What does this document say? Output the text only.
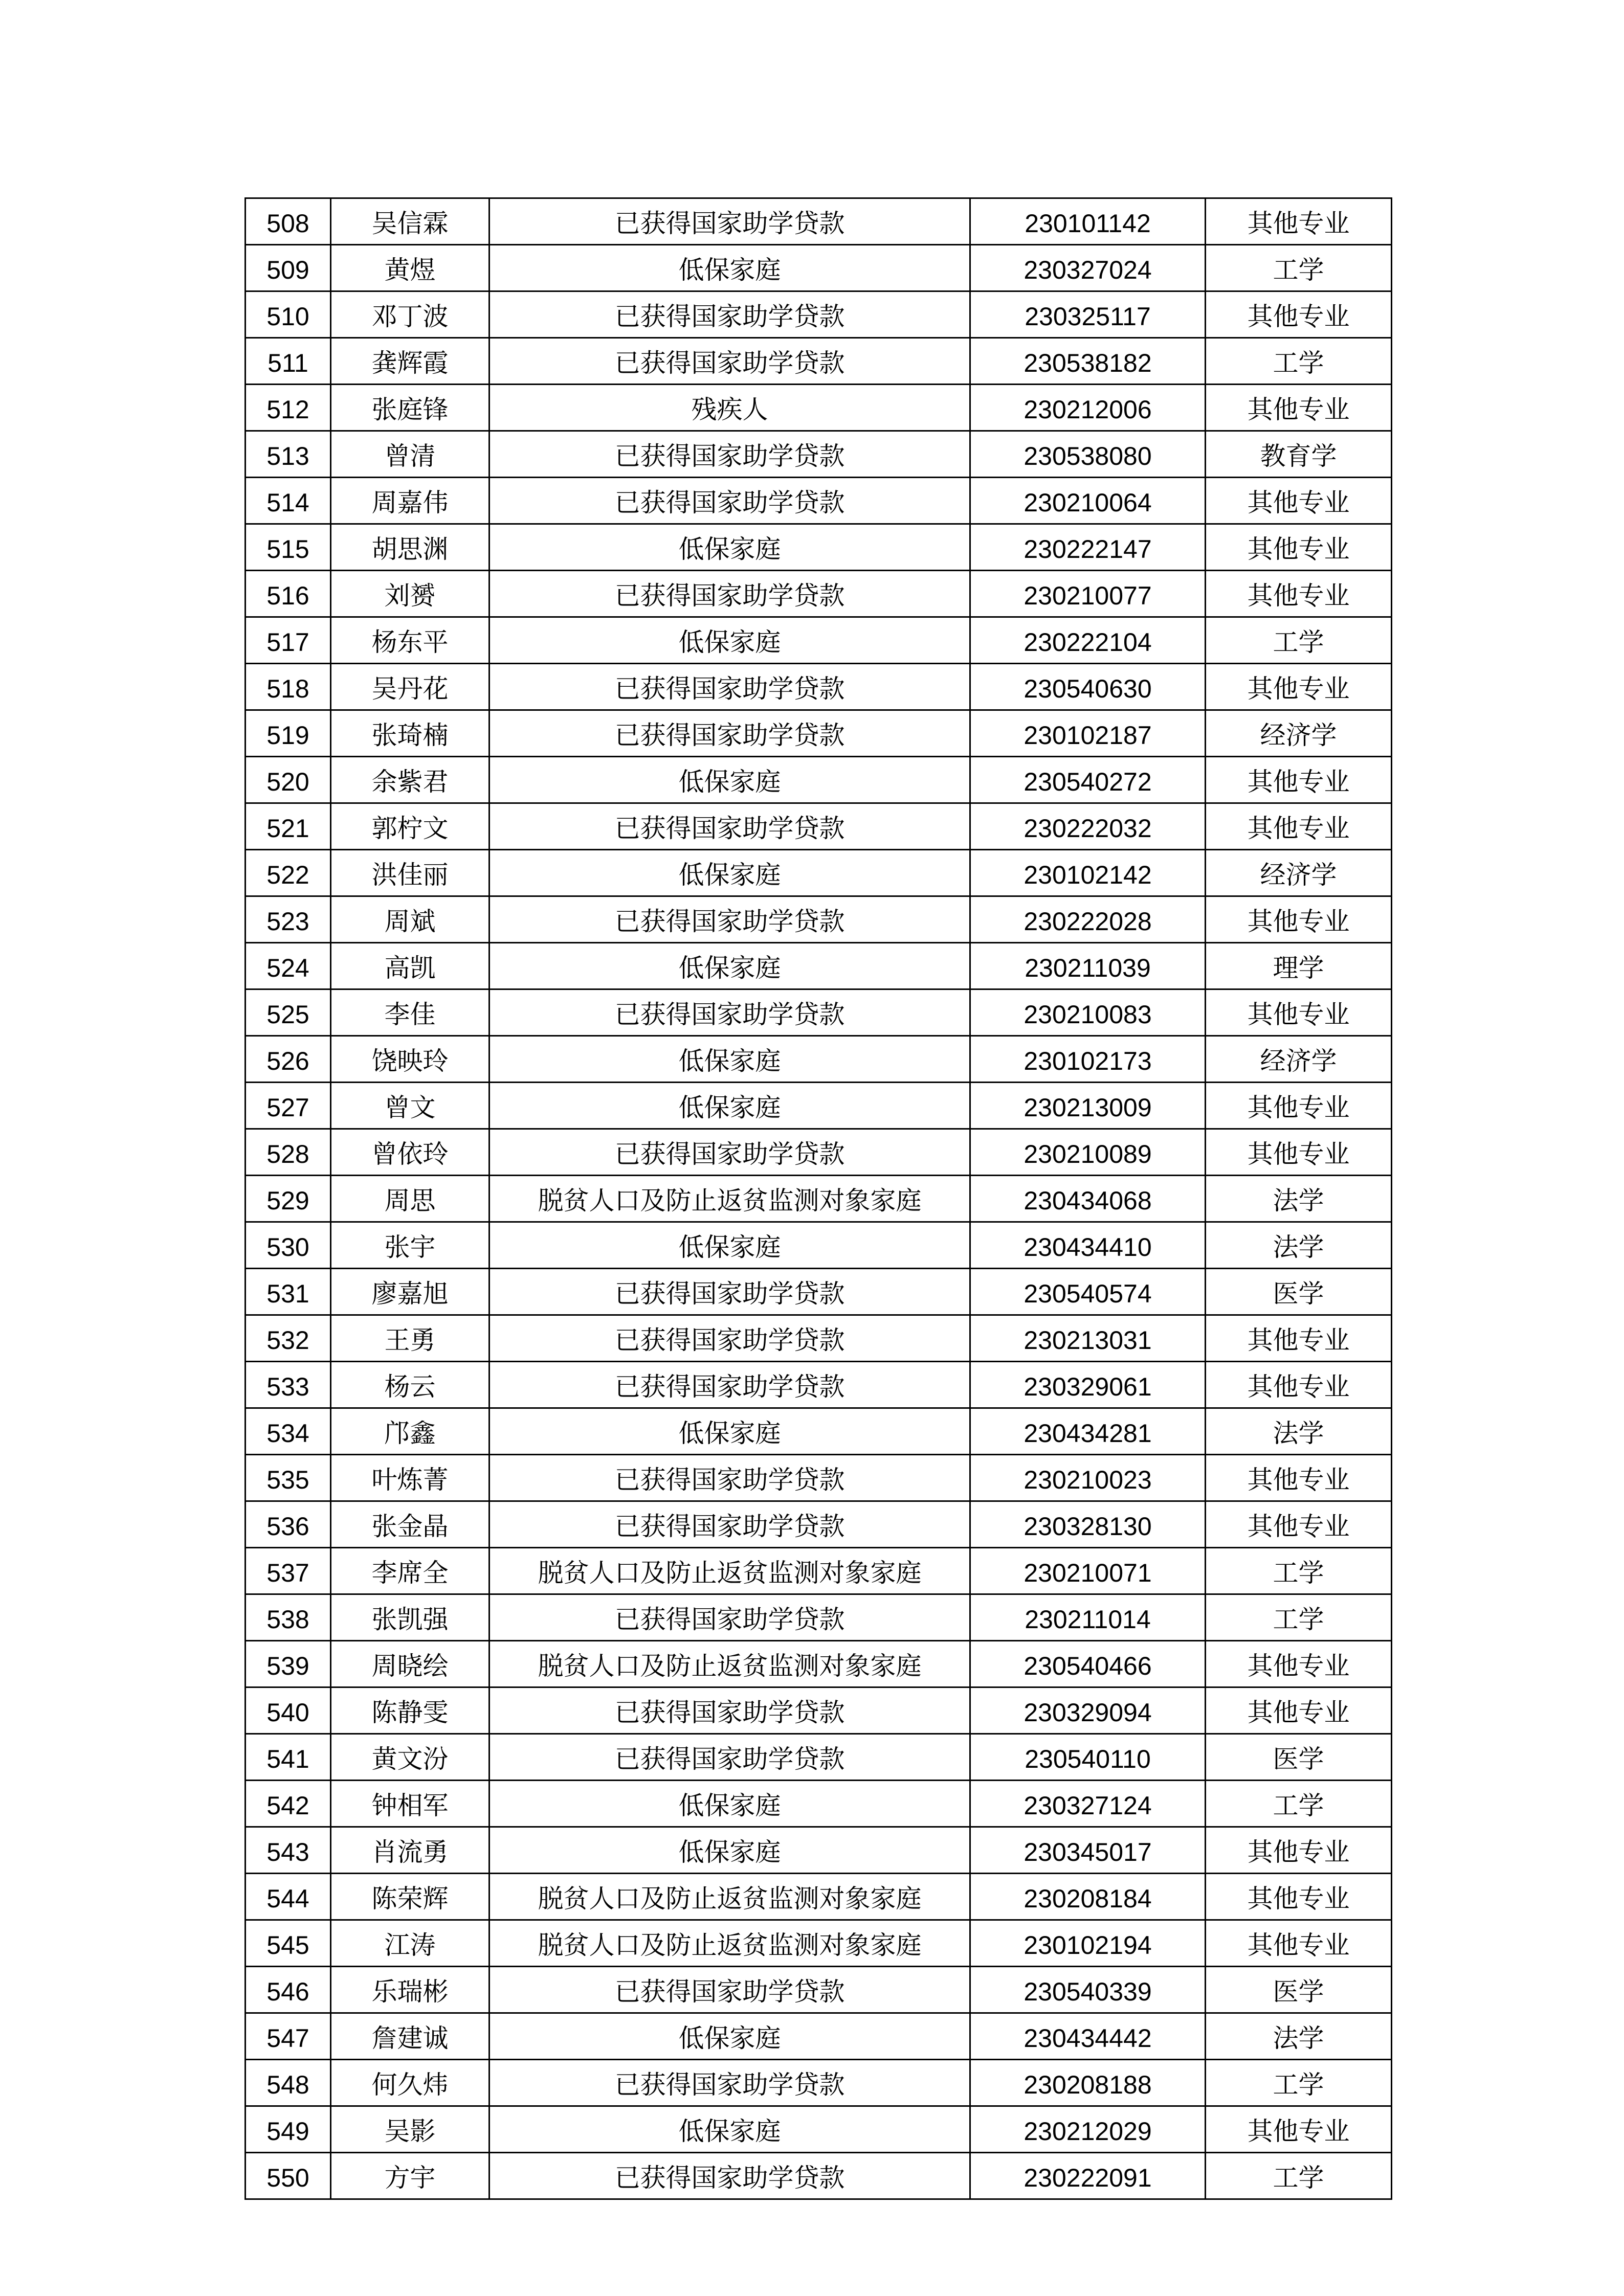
508	吴信霖	已获得国家助学贷款	230101142	其他专业
509	黄煜	低保家庭	230327024	工学
510	邓丁波	已获得国家助学贷款	230325117	其他专业
511	龚辉霞	已获得国家助学贷款	230538182	工学
512	张庭锋	残疾人	230212006	其他专业
513	曾清	已获得国家助学贷款	230538080	教育学
514	周嘉伟	已获得国家助学贷款	230210064	其他专业
515	胡思渊	低保家庭	230222147	其他专业
516	刘赟	已获得国家助学贷款	230210077	其他专业
517	杨东平	低保家庭	230222104	工学
518	吴丹花	已获得国家助学贷款	230540630	其他专业
519	张琦楠	已获得国家助学贷款	230102187	经济学
520	余紫君	低保家庭	230540272	其他专业
521	郭柠文	已获得国家助学贷款	230222032	其他专业
522	洪佳丽	低保家庭	230102142	经济学
523	周斌	已获得国家助学贷款	230222028	其他专业
524	高凯	低保家庭	230211039	理学
525	李佳	已获得国家助学贷款	230210083	其他专业
526	饶映玲	低保家庭	230102173	经济学
527	曾文	低保家庭	230213009	其他专业
528	曾依玲	已获得国家助学贷款	230210089	其他专业
529	周思	脱贫人口及防止返贫监测对象家庭	230434068	法学
530	张宇	低保家庭	230434410	法学
531	廖嘉旭	已获得国家助学贷款	230540574	医学
532	王勇	已获得国家助学贷款	230213031	其他专业
533	杨云	已获得国家助学贷款	230329061	其他专业
534	邝鑫	低保家庭	230434281	法学
535	叶炼菁	已获得国家助学贷款	230210023	其他专业
536	张金晶	已获得国家助学贷款	230328130	其他专业
537	李席全	脱贫人口及防止返贫监测对象家庭	230210071	工学
538	张凯强	已获得国家助学贷款	230211014	工学
539	周晓绘	脱贫人口及防止返贫监测对象家庭	230540466	其他专业
540	陈静雯	已获得国家助学贷款	230329094	其他专业
541	黄文汾	已获得国家助学贷款	230540110	医学
542	钟相军	低保家庭	230327124	工学
543	肖流勇	低保家庭	230345017	其他专业
544	陈荣辉	脱贫人口及防止返贫监测对象家庭	230208184	其他专业
545	江涛	脱贫人口及防止返贫监测对象家庭	230102194	其他专业
546	乐瑞彬	已获得国家助学贷款	230540339	医学
547	詹建诚	低保家庭	230434442	法学
548	何久炜	已获得国家助学贷款	230208188	工学
549	吴影	低保家庭	230212029	其他专业
550	方宇	已获得国家助学贷款	230222091	工学
